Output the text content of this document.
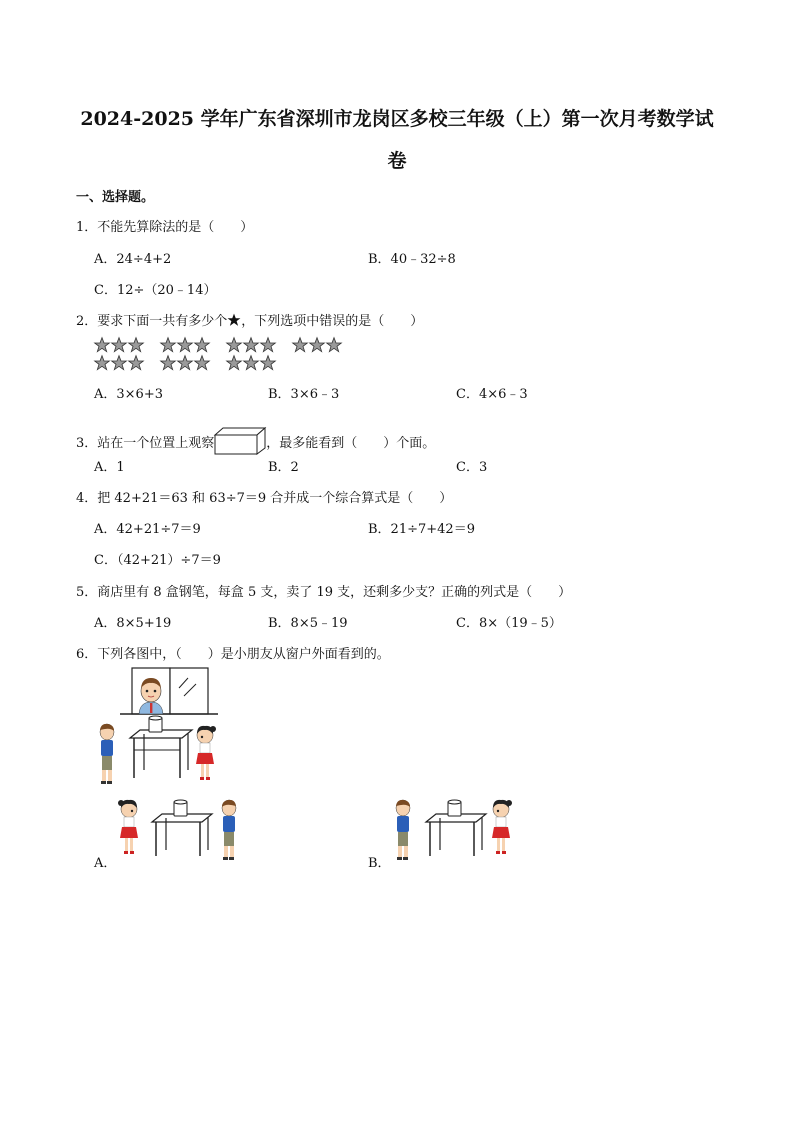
2024-2025 学年广东省深圳市龙岗区多校三年级（上）第一次月考数学试
卷
一、选择题。
1．不能先算除法的是（　　）
A．24÷4+2	B．40﹣32÷8
C．12÷（20﹣14）
2．要求下面一共有多少个 ，下列选项中错误的是（　　）
A．3×6+3	B．3×6﹣3	C．4×6﹣3
3．站在一个位置上观察	，最多能看到（　　）个面。
A．1	B．2	C．3
4．把 42+21＝63 和 63÷7＝9 合并成一个综合算式是（　　）
A．42+21÷7＝9	B．21÷7+42＝9
C．（42+21）÷7＝9
5．商店里有 8 盒钢笔，每盒 5 支，卖了 19 支，还剩多少支？正确的列式是（　　）
A．8×5+19	B．8×5﹣19	C．8×（19﹣5）
6．下列各图中，（　　）是小朋友从窗户外面看到的。
A．	B．
